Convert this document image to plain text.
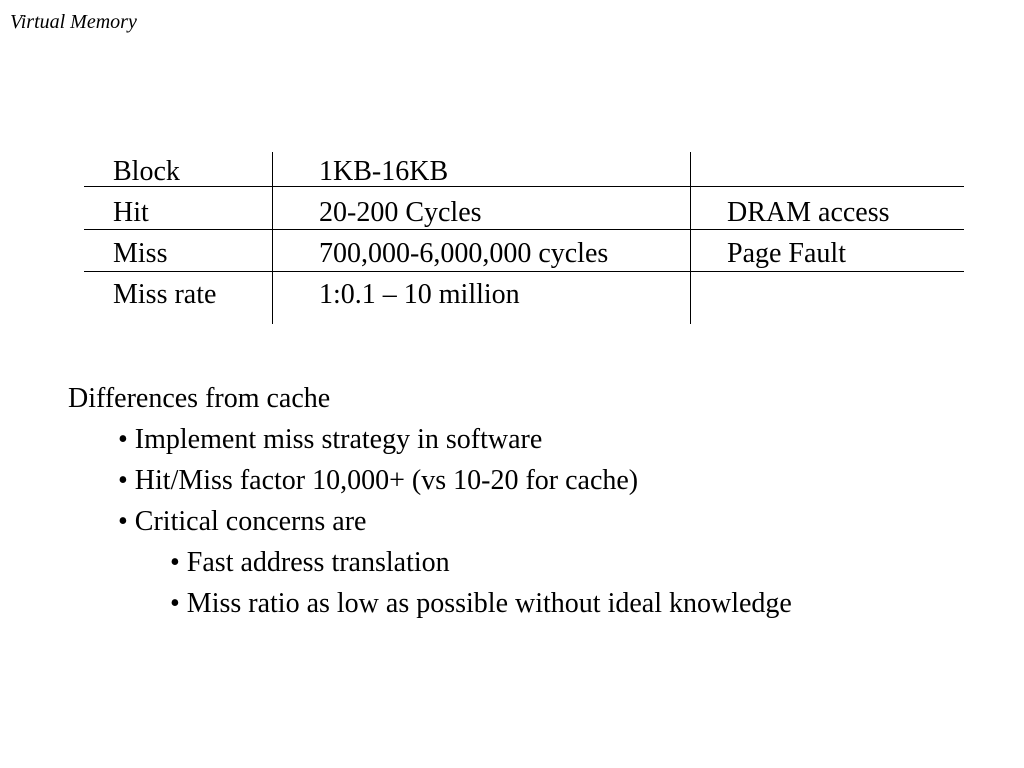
Virtual Memory
Block	1KB-16KB
Hit	20-200 Cycles	DRAM access
Miss	700,000-6,000,000 cycles	Page Fault
Miss rate	1:0.1 – 10 million
Differences from cache
• Implement miss strategy in software
• Hit/Miss factor 10,000+ (vs 10-20 for cache)
• Critical concerns are
• Fast address translation
• Miss ratio as low as possible without ideal knowledge
